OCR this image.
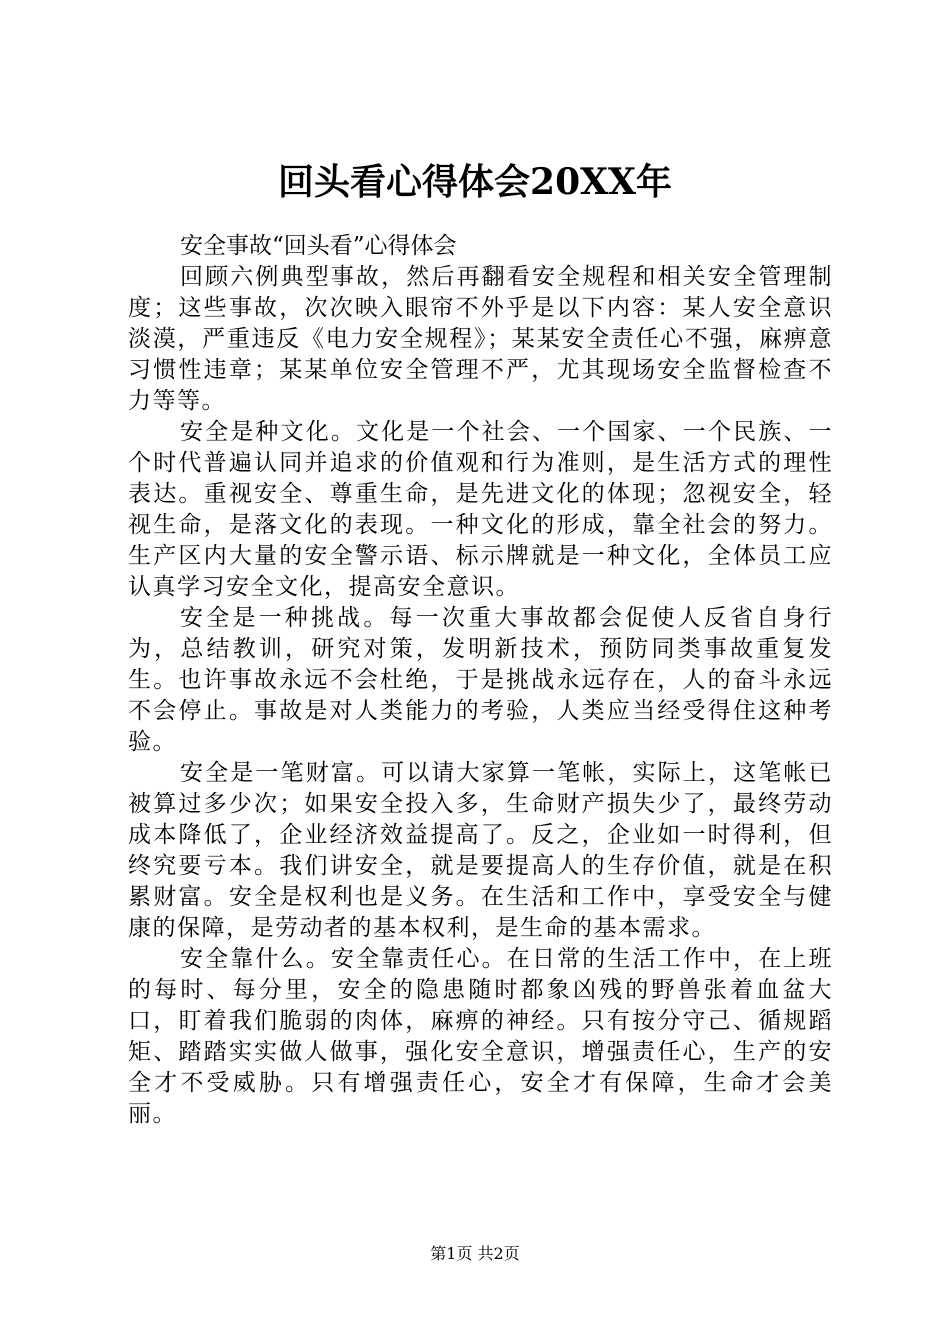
回头看心得体会20XX年

安全事故“回头看”心得体会

回顾六例典型事故，然后再翻看安全规程和相关安全管理制度；这些事故，次次映入眼帘不外乎是以下内容：某人安全意识淡漠，严重违反《电力安全规程》；某某安全责任心不强，麻痹意习惯性违章；某某单位安全管理不严，尤其现场安全监督检查不力等等。

安全是种文化。文化是一个社会、一个国家、一个民族、一个时代普遍认同并追求的价值观和行为准则，是生活方式的理性表达。重视安全、尊重生命，是先进文化的体现；忽视安全，轻视生命，是落文化的表现。一种文化的形成，靠全社会的努力。生产区内大量的安全警示语、标示牌就是一种文化，全体员工应认真学习安全文化，提高安全意识。

安全是一种挑战。每一次重大事故都会促使人反省自身行为，总结教训，研究对策，发明新技术，预防同类事故重复发生。也许事故永远不会杜绝，于是挑战永远存在，人的奋斗永远不会停止。事故是对人类能力的考验，人类应当经受得住这种考验。

安全是一笔财富。可以请大家算一笔帐，实际上，这笔帐已被算过多少次；如果安全投入多，生命财产损失少了，最终劳动成本降低了，企业经济效益提高了。反之，企业如一时得利，但终究要亏本。我们讲安全，就是要提高人的生存价值，就是在积累财富。安全是权利也是义务。在生活和工作中，享受安全与健康的保障，是劳动者的基本权利，是生命的基本需求。

安全靠什么。安全靠责任心。在日常的生活工作中，在上班的每时、每分里，安全的隐患随时都象凶残的野兽张着血盆大口，盯着我们脆弱的肉体，麻痹的神经。只有按分守己、循规蹈矩、踏踏实实做人做事，强化安全意识，增强责任心，生产的安全才不受威胁。只有增强责任心，安全才有保障，生命才会美丽。

第1页 共2页
